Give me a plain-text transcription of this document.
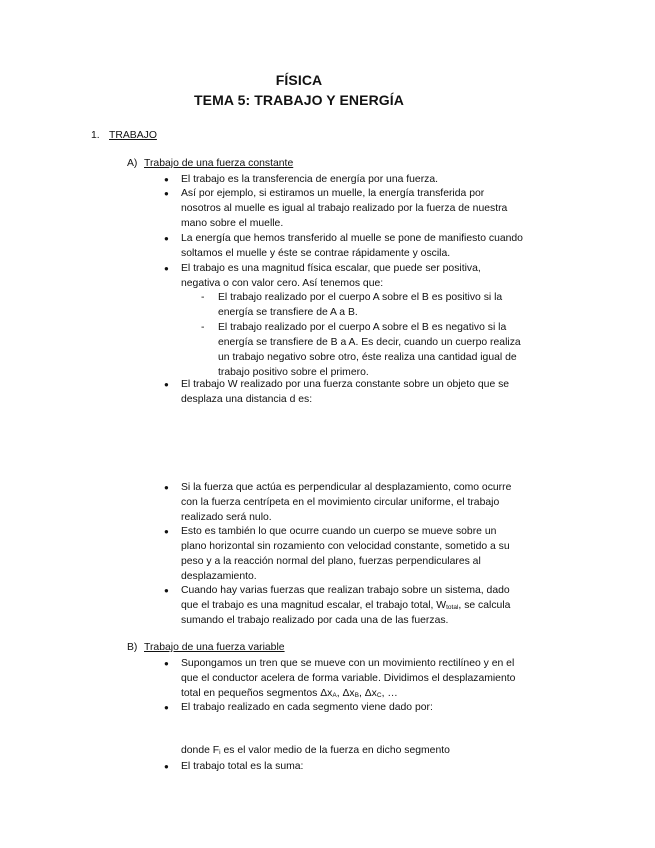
FÍSICA
TEMA 5: TRABAJO Y ENERGÍA
1. TRABAJO
A) Trabajo de una fuerza constante
● El trabajo es la transferencia de energía por una fuerza.

● Así por ejemplo, si estiramos un muelle, la energía transferida por nosotros al muelle es igual al trabajo realizado por la fuerza de nuestra mano sobre el muelle.

● La energía que hemos transferido al muelle se pone de manifiesto cuando soltamos el muelle y éste se contrae rápidamente y oscila.

● El trabajo es una magnitud física escalar, que puede ser positiva, negativa o con valor cero. Así tenemos que:

- El trabajo realizado por el cuerpo A sobre el B es positivo si la energía se transfiere de A a B.

- El trabajo realizado por el cuerpo A sobre el B es negativo si la energía se transfiere de B a A. Es decir, cuando un cuerpo realiza un trabajo negativo sobre otro, éste realiza una cantidad igual de trabajo positivo sobre el primero.

● El trabajo W realizado por una fuerza constante sobre un objeto que se desplaza una distancia d es:

● Si la fuerza que actúa es perpendicular al desplazamiento, como ocurre con la fuerza centrípeta en el movimiento circular uniforme, el trabajo realizado será nulo.

● Esto es también lo que ocurre cuando un cuerpo se mueve sobre un plano horizontal sin rozamiento con velocidad constante, sometido a su peso y a la reacción normal del plano, fuerzas perpendiculares al desplazamiento.

● Cuando hay varias fuerzas que realizan trabajo sobre un sistema, dado que el trabajo es una magnitud escalar, el trabajo total, $W_{total}$, se calcula sumando el trabajo realizado por cada una de las fuerzas.

B) Trabajo de una fuerza variable
● Supongamos un tren que se mueve con un movimiento rectilíneo y en el que el conductor acelera de forma variable. Dividimos el desplazamiento total en pequeños segmentos $\Delta x_A$, $\Delta x_B$, $\Delta x_C$, …

● El trabajo realizado en cada segmento viene dado por:

donde $F_i$ es el valor medio de la fuerza en dicho segmento

● El trabajo total es la suma:
